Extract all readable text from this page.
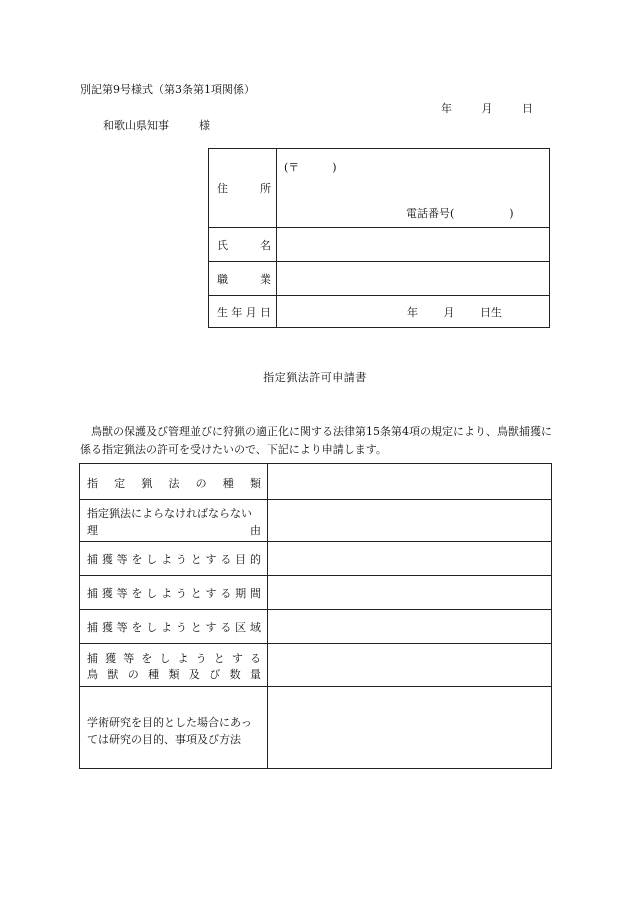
別記第9号様式（第3条第1項関係）
年	月	日
和歌山県知事	様
住	所
(〒　　　)
電話番号(　　　　　)
氏	名
職	業
生 年 月 日	年 月 日生
指定猟法許可申請書
鳥獣の保護及び管理並びに狩猟の適正化に関する法律第15条第4項の規定により、鳥獣捕獲に係る指定猟法の許可を受けたいので、下記により申請します。
指 定 猟 法 の 種 類
指定猟法によらなければならない
理	由
捕 獲 等 を し よ う と す る 目 的
捕 獲 等 を し よ う と す る 期 間
捕 獲 等 を し よ う と す る 区 域
捕 獲 等 を し よ う と す る
鳥 獣 の 種 類 及 び 数 量
学術研究を目的とした場合にあっ
ては研究の目的、事項及び方法
